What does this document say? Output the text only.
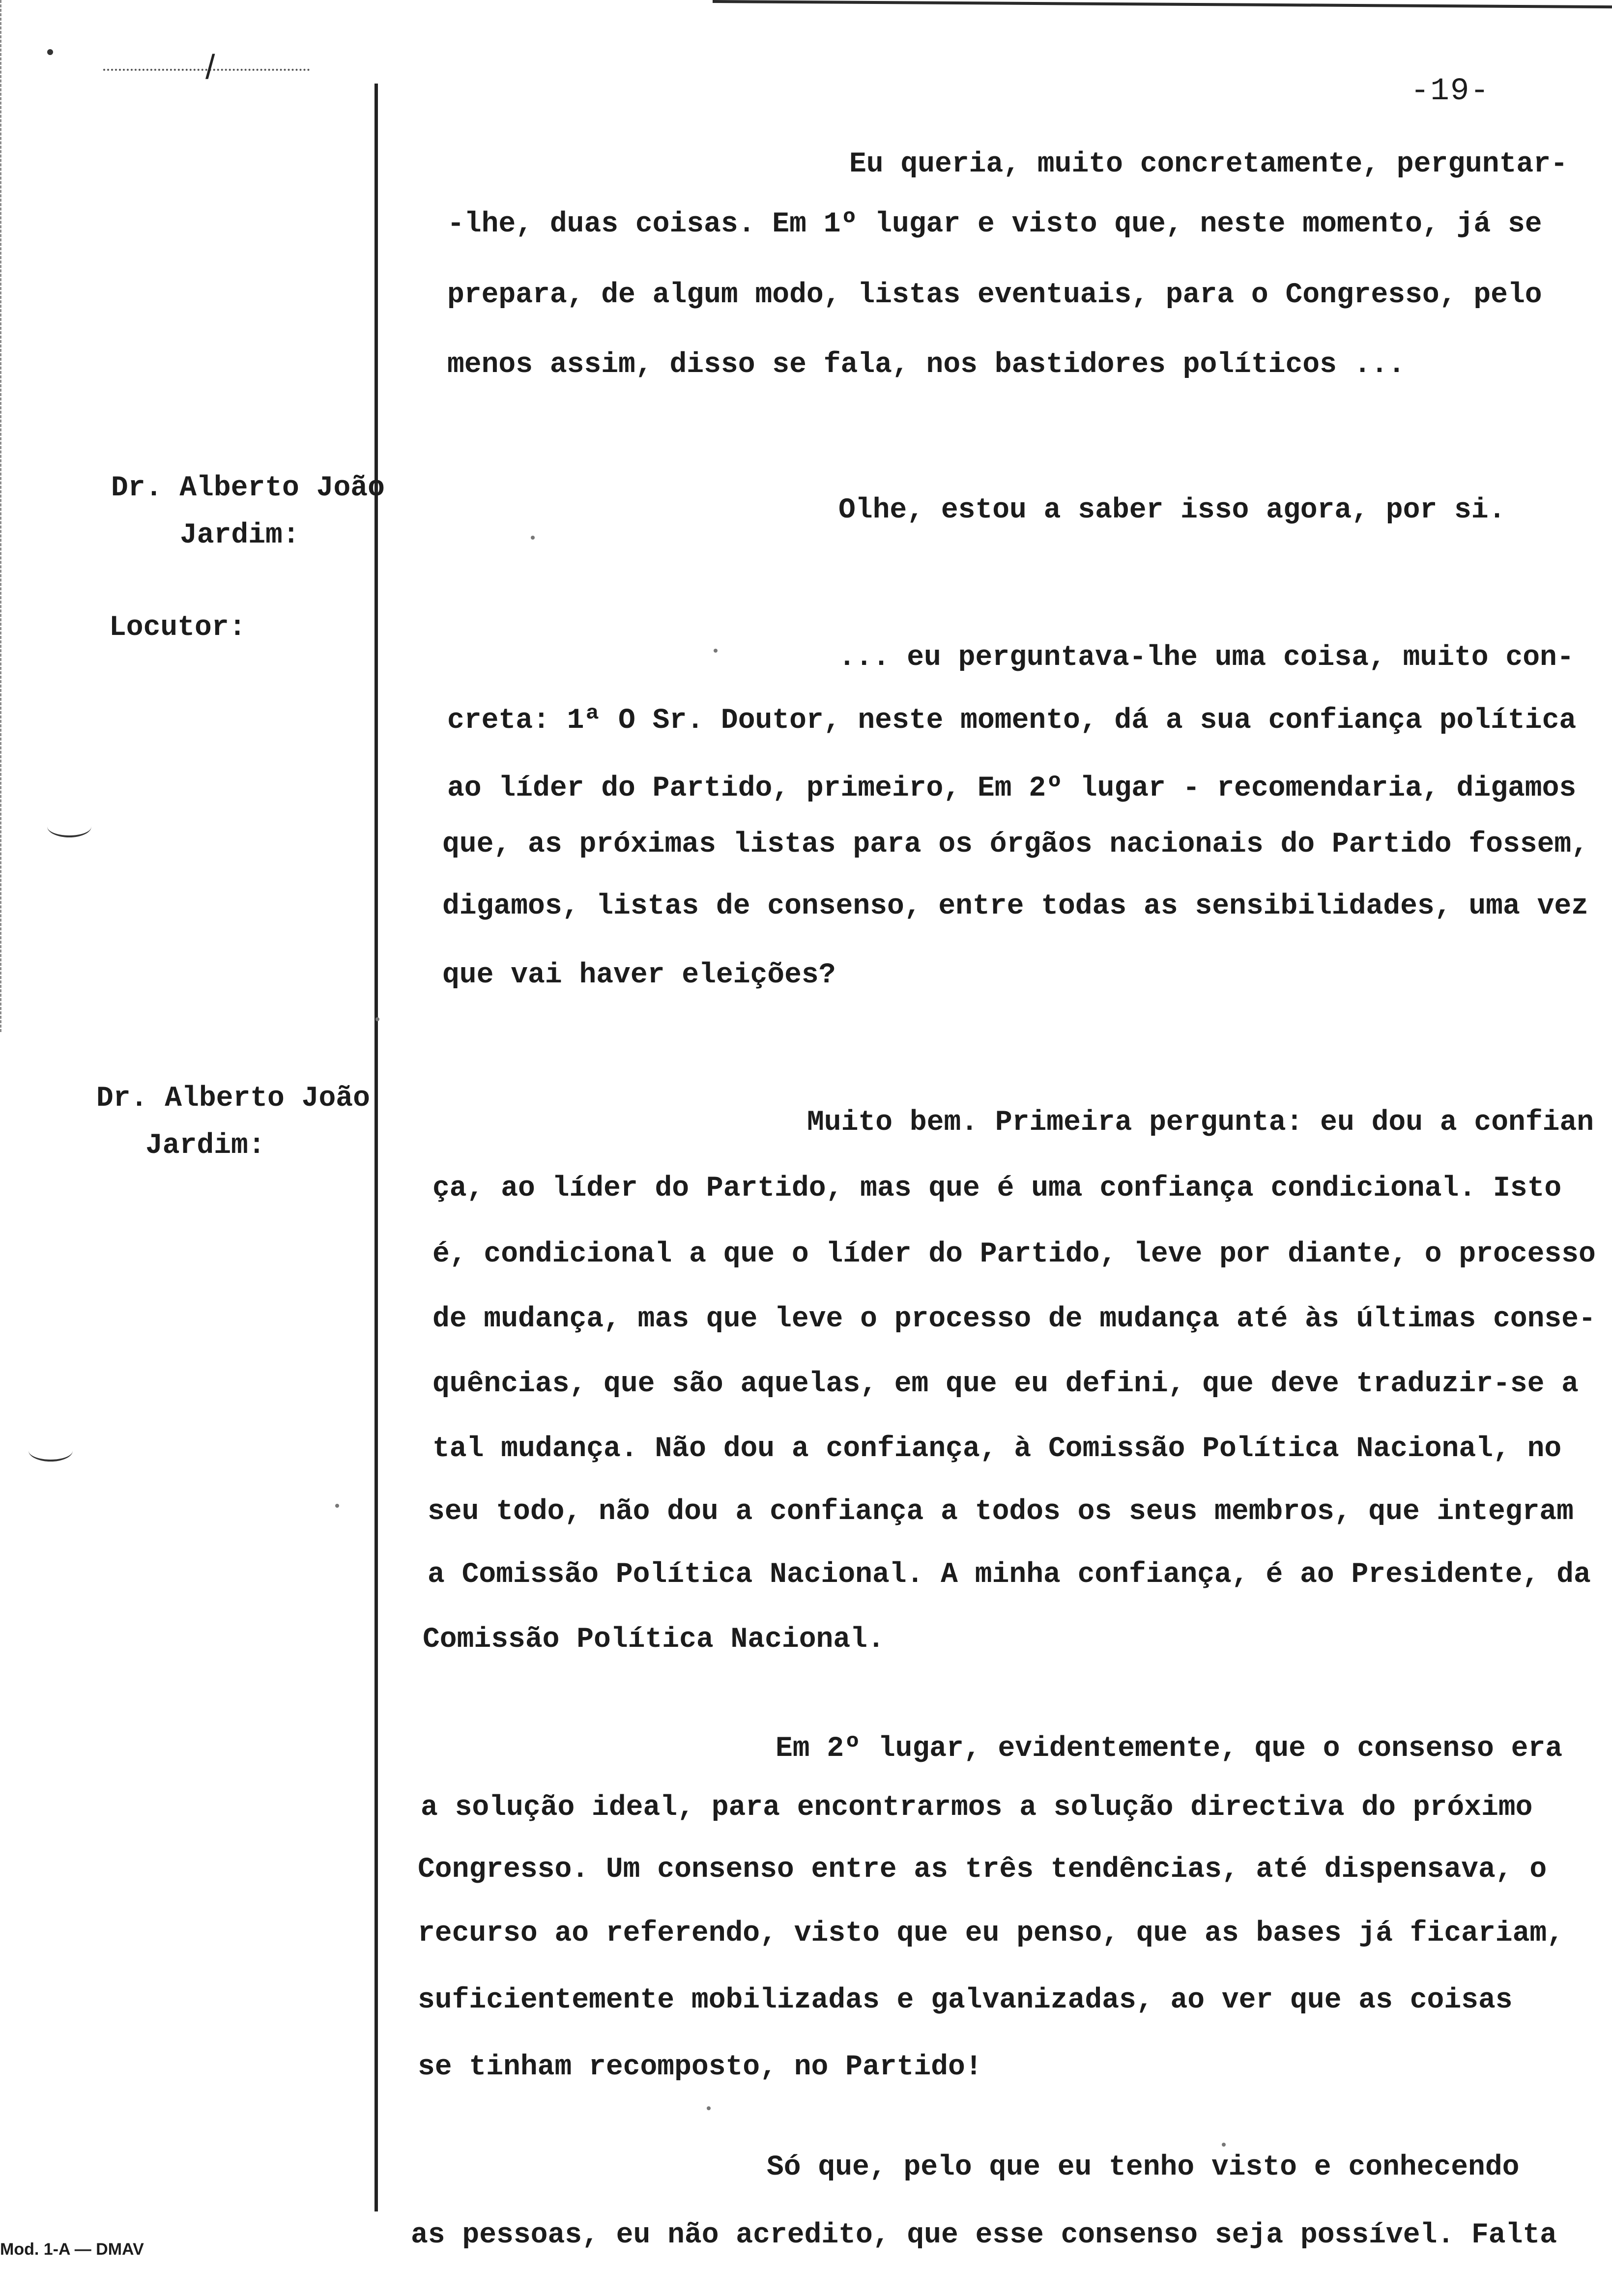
/
-19-
Dr. Alberto João
Jardim:
Locutor:
Dr. Alberto João
Jardim:
Eu queria, muito concretamente, perguntar-
-lhe, duas coisas. Em 1º lugar e visto que, neste momento, já se
prepara, de algum modo, listas eventuais, para o Congresso, pelo
menos assim, disso se fala, nos bastidores políticos ...
Olhe, estou a saber isso agora, por si.
... eu perguntava-lhe uma coisa, muito con-
creta: 1ª O Sr. Doutor, neste momento, dá a sua confiança política
ao líder do Partido, primeiro, Em 2º lugar - recomendaria, digamos
que, as próximas listas para os órgãos nacionais do Partido fossem,
digamos, listas de consenso, entre todas as sensibilidades, uma vez
que vai haver eleições?
Muito bem. Primeira pergunta: eu dou a confian
ça, ao líder do Partido, mas que é uma confiança condicional. Isto
é, condicional a que o líder do Partido, leve por diante, o processo
de mudança, mas que leve o processo de mudança até às últimas conse-
quências, que são aquelas, em que eu defini, que deve traduzir-se a
tal mudança. Não dou a confiança, à Comissão Política Nacional, no
seu todo, não dou a confiança a todos os seus membros, que integram
a Comissão Política Nacional. A minha confiança, é ao Presidente, da
Comissão Política Nacional.
Em 2º lugar, evidentemente, que o consenso era
a solução ideal, para encontrarmos a solução directiva do próximo
Congresso. Um consenso entre as três tendências, até dispensava, o
recurso ao referendo, visto que eu penso, que as bases já ficariam,
suficientemente mobilizadas e galvanizadas, ao ver que as coisas
se tinham recomposto, no Partido!
Só que, pelo que eu tenho visto e conhecendo
as pessoas, eu não acredito, que esse consenso seja possível. Falta
Mod. 1-A — DMAV
